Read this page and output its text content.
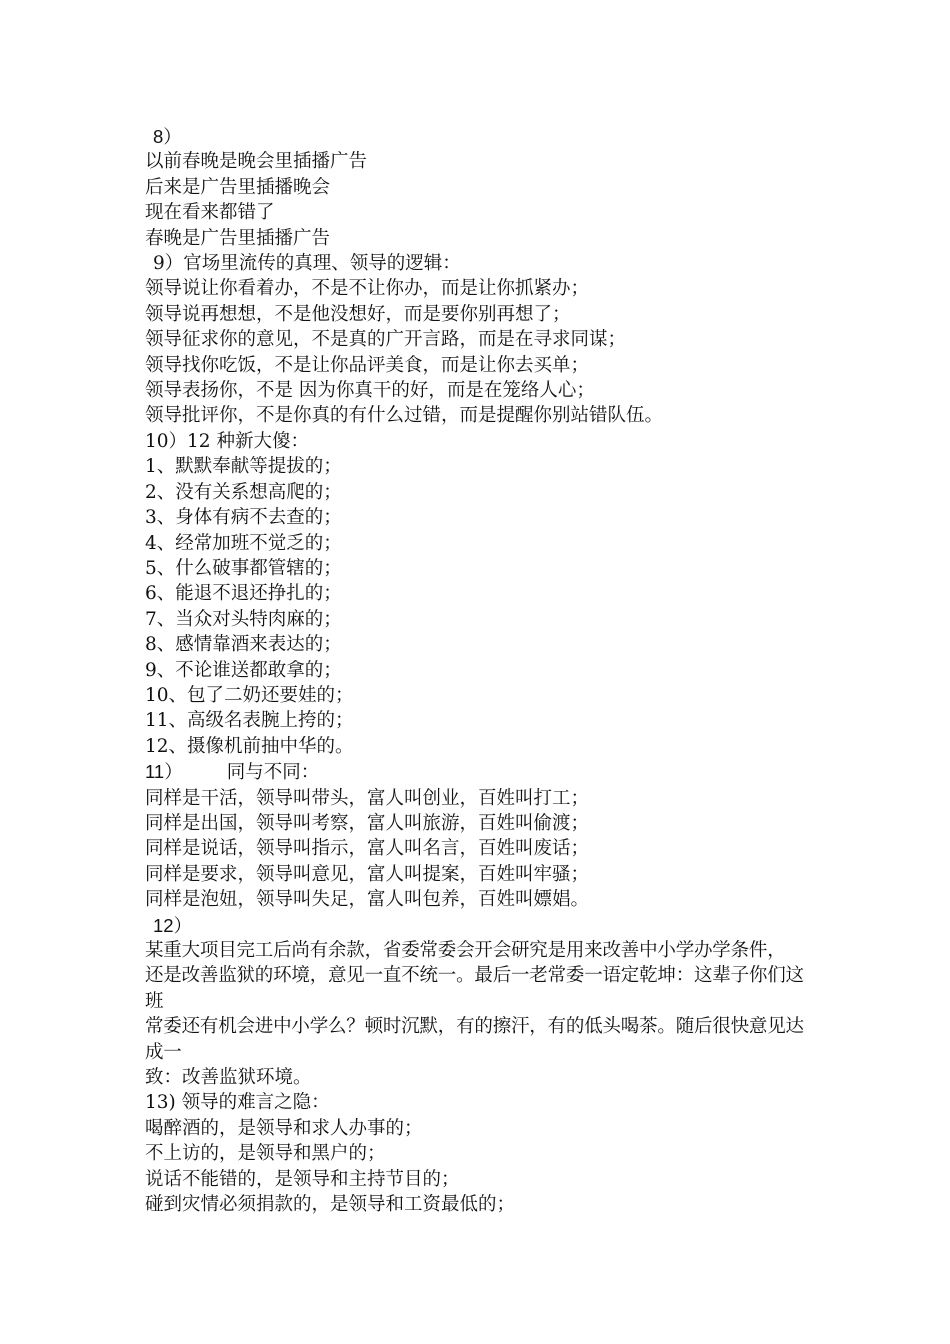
8）
以前春晚是晚会里插播广告
后来是广告里插播晚会
现在看来都错了
春晚是广告里插播广告
9）官场里流传的真理、领导的逻辑：
领导说让你看着办，不是不让你办，而是让你抓紧办；
领导说再想想，不是他没想好，而是要你别再想了；
领导征求你的意见，不是真的广开言路，而是在寻求同谋；
领导找你吃饭，不是让你品评美食，而是让你去买单；
领导表扬你，不是 因为你真干的好，而是在笼络人心；
领导批评你，不是你真的有什么过错，而是提醒你别站错队伍。
10）12 种新大傻：
1、默默奉献等提拔的；
2、没有关系想高爬的；
3、身体有病不去查的；
4、经常加班不觉乏的；
5、什么破事都管辖的；
6、能退不退还挣扎的；
7、当众对头特肉麻的；
8、感情靠酒来表达的；
9、不论谁送都敢拿的；
10、包了二奶还要娃的；
11、高级名表腕上挎的；
12、摄像机前抽中华的。
11） 同与不同：
同样是干活，领导叫带头，富人叫创业，百姓叫打工；
同样是出国，领导叫考察，富人叫旅游，百姓叫偷渡；
同样是说话，领导叫指示，富人叫名言，百姓叫废话；
同样是要求，领导叫意见，富人叫提案，百姓叫牢骚；
同样是泡妞，领导叫失足，富人叫包养，百姓叫嫖娼。
12）
某重大项目完工后尚有余款，省委常委会开会研究是用来改善中小学办学条件，
还是改善监狱的环境，意见一直不统一。最后一老常委一语定乾坤：这辈子你们这班
常委还有机会进中小学么？顿时沉默，有的擦汗，有的低头喝茶。随后很快意见达成一
致：改善监狱环境。
13) 领导的难言之隐：
喝醉酒的，是领导和求人办事的；
不上访的，是领导和黑户的；
说话不能错的，是领导和主持节目的；
碰到灾情必须捐款的，是领导和工资最低的；
